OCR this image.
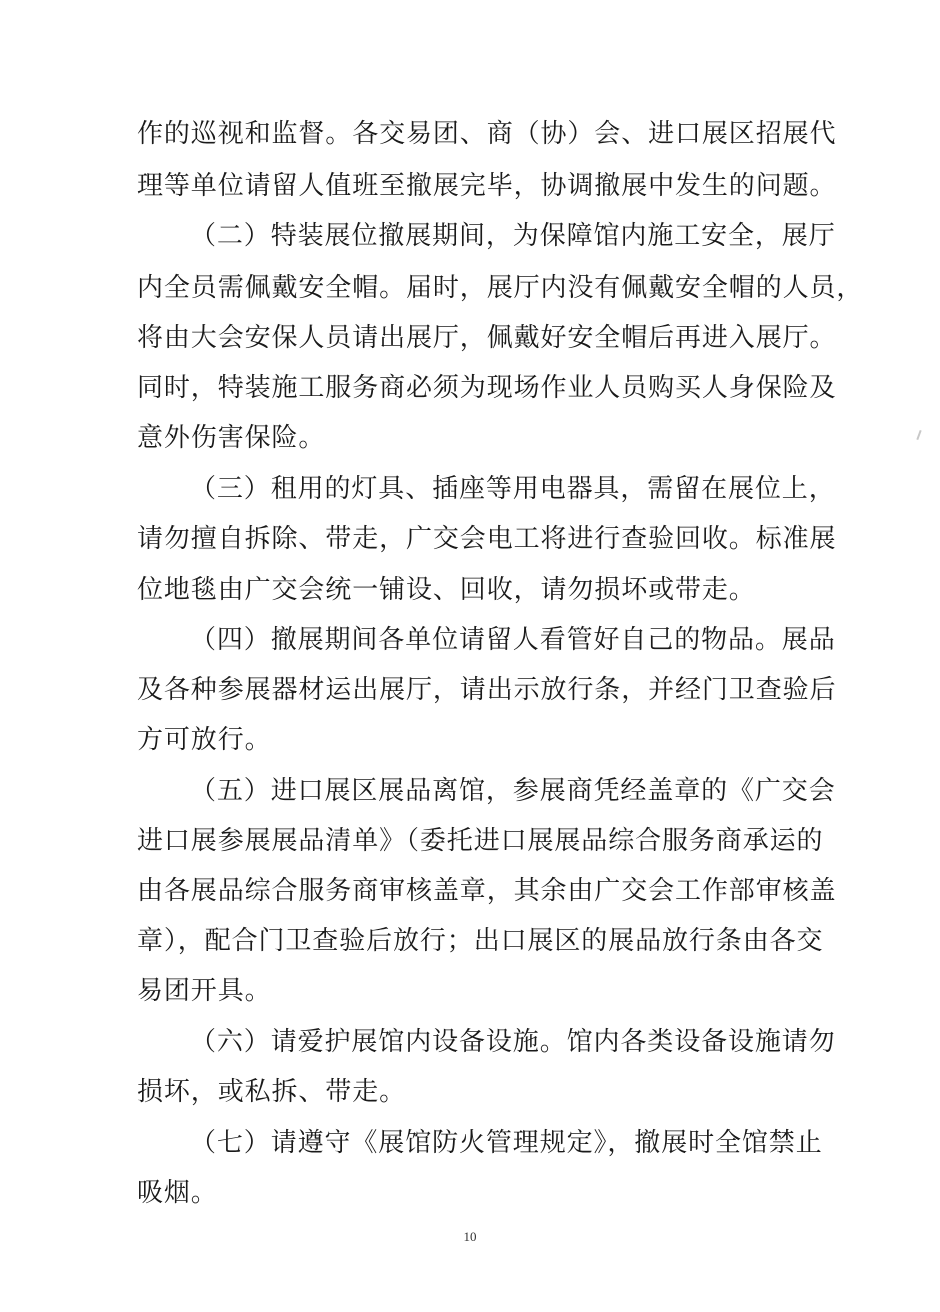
作的巡视和监督。各交易团、商（协）会、进口展区招展代
理等单位请留人值班至撤展完毕，协调撤展中发生的问题。
（二）特装展位撤展期间，为保障馆内施工安全，展厅
内全员需佩戴安全帽。届时，展厅内没有佩戴安全帽的人员，
将由大会安保人员请出展厅，佩戴好安全帽后再进入展厅。
同时，特装施工服务商必须为现场作业人员购买人身保险及
意外伤害保险。
（三）租用的灯具、插座等用电器具，需留在展位上，
请勿擅自拆除、带走，广交会电工将进行查验回收。标准展
位地毯由广交会统一铺设、回收，请勿损坏或带走。
（四）撤展期间各单位请留人看管好自己的物品。展品
及各种参展器材运出展厅，请出示放行条，并经门卫查验后
方可放行。
（五）进口展区展品离馆，参展商凭经盖章的《广交会
进口展参展展品清单》（委托进口展展品综合服务商承运的
由各展品综合服务商审核盖章，其余由广交会工作部审核盖
章），配合门卫查验后放行；出口展区的展品放行条由各交
易团开具。
（六）请爱护展馆内设备设施。馆内各类设备设施请勿
损坏，或私拆、带走。
（七）请遵守《展馆防火管理规定》，撤展时全馆禁止
吸烟。
10
